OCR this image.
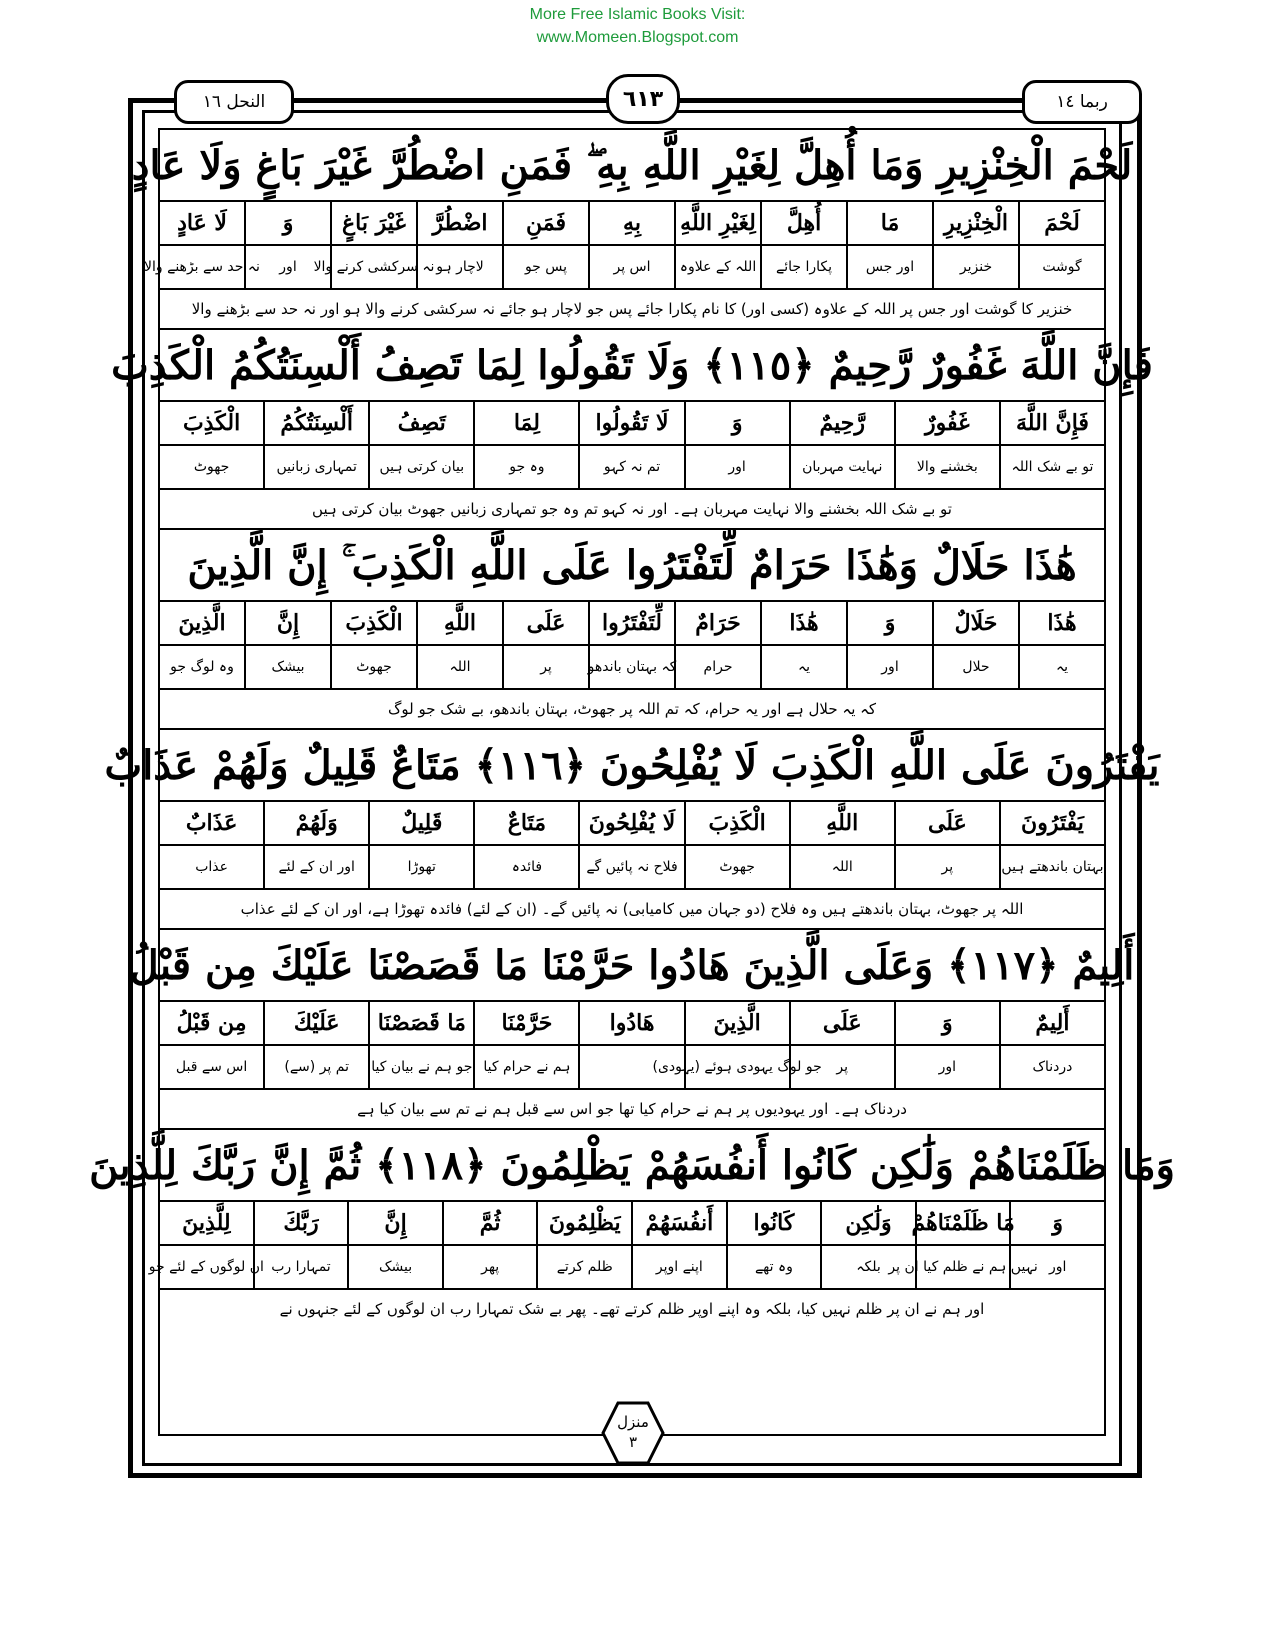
More Free Islamic Books Visit:
www.Momeen.Blogspot.com
النحل ١٦	٦١٣	ربما ١٤
لَحْمَ الْخِنْزِيرِ وَمَا أُهِلَّ لِغَيْرِ اللَّهِ بِهِ ۖ فَمَنِ اضْطُرَّ غَيْرَ بَاغٍ وَلَا عَادٍ
لَحْمَ
الْخِنْزِيرِ
مَا
أُهِلَّ
لِغَيْرِ اللَّهِ
بِهِ
فَمَنِ
اضْطُرَّ
غَيْرَ بَاغٍ
وَ
لَا عَادٍ
گوشت
خنزیر
اور جس
پکارا جائے
اللہ کے علاوہ
اس پر
پس جو
لاچار ہو
نہ سرکشی کرنے والا
اور
نہ حد سے بڑھنے والا
خنزیر کا گوشت اور جس پر اللہ کے علاوہ (کسی اور) کا نام پکارا جائے پس جو لاچار ہو جائے نہ سرکشی کرنے والا ہو اور نہ حد سے بڑھنے والا
فَإِنَّ اللَّهَ غَفُورٌ رَّحِيمٌ ﴿١١٥﴾ وَلَا تَقُولُوا لِمَا تَصِفُ أَلْسِنَتُكُمُ الْكَذِبَ
فَإِنَّ اللَّهَ
غَفُورٌ
رَّحِيمٌ
وَ
لَا تَقُولُوا
لِمَا
تَصِفُ
أَلْسِنَتُكُمُ
الْكَذِبَ
تو بے شک اللہ
بخشنے والا
نہایت مہربان
اور
تم نہ کہو
وہ جو
بیان کرتی ہیں
تمہاری زبانیں
جھوٹ
تو بے شک اللہ بخشنے والا نہایت مہربان ہے۔ اور نہ کہو تم وہ جو تمہاری زبانیں جھوٹ بیان کرتی ہیں
هَٰذَا حَلَالٌ وَهَٰذَا حَرَامٌ لِّتَفْتَرُوا عَلَى اللَّهِ الْكَذِبَ ۚ إِنَّ الَّذِينَ
هَٰذَا
حَلَالٌ
وَ
هَٰذَا
حَرَامٌ
لِّتَفْتَرُوا
عَلَى
اللَّهِ
الْكَذِبَ
إِنَّ
الَّذِينَ
یہ
حلال
اور
یہ
حرام
کہ بہتان باندھو
پر
اللہ
جھوٹ
بیشک
وہ لوگ جو
کہ یہ حلال ہے اور یہ حرام، کہ تم اللہ پر جھوٹ، بہتان باندھو، بے شک جو لوگ
يَفْتَرُونَ عَلَى اللَّهِ الْكَذِبَ لَا يُفْلِحُونَ ﴿١١٦﴾ مَتَاعٌ قَلِيلٌ وَلَهُمْ عَذَابٌ
يَفْتَرُونَ
عَلَى
اللَّهِ
الْكَذِبَ
لَا يُفْلِحُونَ
مَتَاعٌ
قَلِيلٌ
وَلَهُمْ
عَذَابٌ
بہتان باندھتے ہیں
پر
اللہ
جھوٹ
فلاح نہ پائیں گے
فائدہ
تھوڑا
اور ان کے لئے
عذاب
اللہ پر جھوٹ، بہتان باندھتے ہیں وہ فلاح (دو جہان میں کامیابی) نہ پائیں گے۔ (ان کے لئے) فائدہ تھوڑا ہے، اور ان کے لئے عذاب
أَلِيمٌ ﴿١١٧﴾ وَعَلَى الَّذِينَ هَادُوا حَرَّمْنَا مَا قَصَصْنَا عَلَيْكَ مِن قَبْلُ
أَلِيمٌ
وَ
عَلَى
الَّذِينَ
هَادُوا
حَرَّمْنَا
مَا قَصَصْنَا
عَلَيْكَ
مِن قَبْلُ
دردناک
اور
پر
جو لوگ یہودی ہوئے (یہودی)
ہم نے حرام کیا
جو ہم نے بیان کیا
تم پر (سے)
اس سے قبل
دردناک ہے۔ اور یہودیوں پر ہم نے حرام کیا تھا جو اس سے قبل ہم نے تم سے بیان کیا ہے
وَمَا ظَلَمْنَاهُمْ وَلَٰكِن كَانُوا أَنفُسَهُمْ يَظْلِمُونَ ﴿١١٨﴾ ثُمَّ إِنَّ رَبَّكَ لِلَّذِينَ
وَ
مَا ظَلَمْنَاهُمْ
وَلَٰكِن
كَانُوا
أَنفُسَهُمْ
يَظْلِمُونَ
ثُمَّ
إِنَّ
رَبَّكَ
لِلَّذِينَ
اور
نہیں ہم نے ظلم کیا ان پر
بلکہ
وہ تھے
اپنے اوپر
ظلم کرتے
پھر
بیشک
تمہارا رب
ان لوگوں کے لئے جو
اور ہم نے ان پر ظلم نہیں کیا، بلکہ وہ اپنے اوپر ظلم کرتے تھے۔ پھر بے شک تمہارا رب ان لوگوں کے لئے جنہوں نے
منزل
٣
